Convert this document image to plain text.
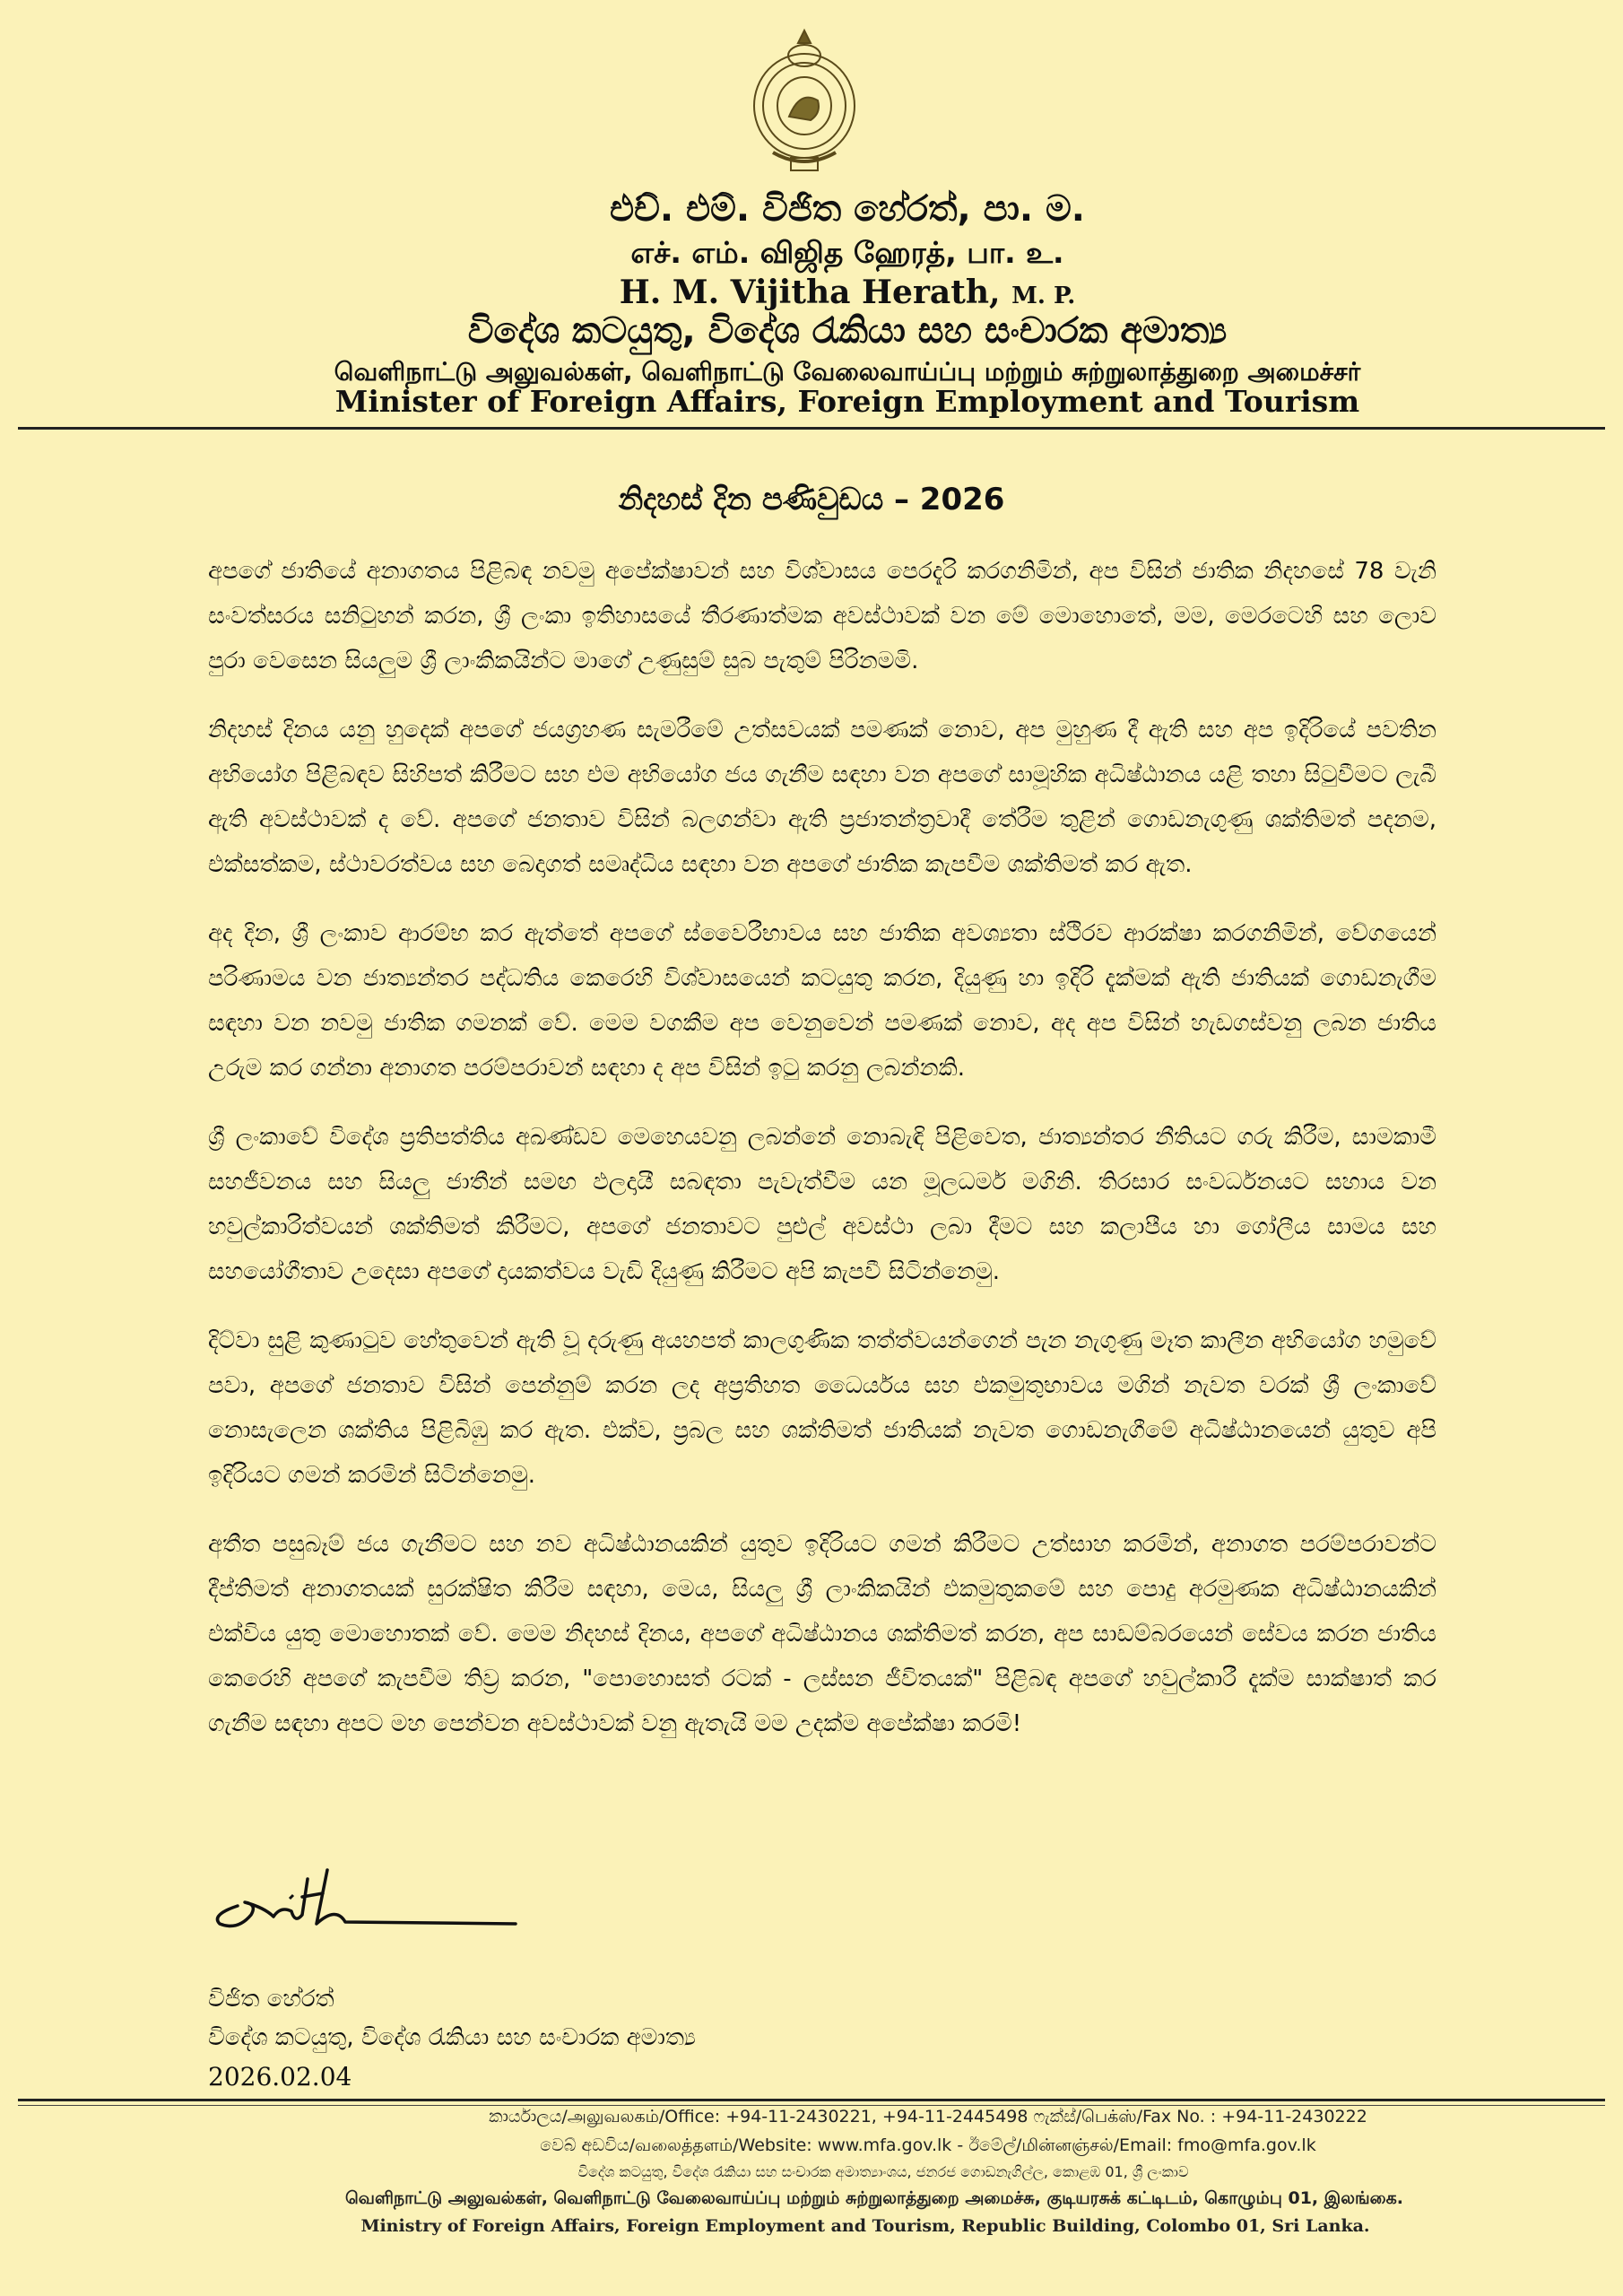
එච්. එම්. විජිත හේරත්, පා. ම.
எச். எம். விஜித ஹேரத், பா. உ.
H. M. Vijitha Herath, M. P.
විදේශ කටයුතු, විදේශ රැකියා සහ සංචාරක අමාත්‍ය
வெளிநாட்டு அலுவல்கள், வெளிநாட்டு வேலைவாய்ப்பு மற்றும் சுற்றுலாத்துறை அமைச்சர்
Minister of Foreign Affairs, Foreign Employment and Tourism
නිදහස් දින පණිවුඩය – 2026

අපගේ ජාතියේ අනාගතය පිළිබඳ නවමු අපේක්ෂාවන් සහ විශ්වාසය පෙරදැරි කරගනිමින්, අප විසින් ජාතික නිදහසේ 78 වැනි සංවත්සරය සනිටුහන් කරන, ශ්‍රී ලංකා ඉතිහාසයේ තීරණාත්මක අවස්ථාවක් වන මේ මොහොතේ, මම, මෙරටෙහි සහ ලොව පුරා වෙසෙන සියලුම ශ්‍රී ලාංකිකයින්ට මාගේ උණුසුම් සුබ පැතුම් පිරිනමමි.

නිදහස් දිනය යනු හුදෙක් අපගේ ජයග්‍රහණ සැමරීමේ උත්සවයක් පමණක් නොව, අප මුහුණ දී ඇති සහ අප ඉදිරියේ පවතින අභියෝග පිළිබඳව සිහිපත් කිරීමට සහ එම අභියෝග ජය ගැනීම සඳහා වන අපගේ සාමූහික අධිෂ්ඨානය යළි තහා සිටුවීමට ලැබී ඇති අවස්ථාවක් ද වේ. අපගේ ජනතාව විසින් බලගන්වා ඇති ප්‍රජාතන්ත්‍රවාදී තේරීම තුළින් ගොඩනැගුණු ශක්තිමත් පදනම, එක්සත්කම, ස්ථාවරත්වය සහ බෙදාගත් සමෘද්ධිය සඳහා වන අපගේ ජාතික කැපවීම ශක්තිමත් කර ඇත.

අද දින, ශ්‍රී ලංකාව ආරම්භ කර ඇත්තේ අපගේ ස්වෛරීභාවය සහ ජාතික අවශ්‍යතා ස්ථිරව ආරක්ෂා කරගනිමින්, වේගයෙන් පරිණාමය වන ජාත්‍යන්තර පද්ධතිය කෙරෙහි විශ්වාසයෙන් කටයුතු කරන, දියුණු හා ඉදිරි දැක්මක් ඇති ජාතියක් ගොඩනැගීම සඳහා වන නවමු ජාතික ගමනක් වේ. මෙම වගකීම අප වෙනුවෙන් පමණක් නොව, අද අප විසින් හැඩගස්වනු ලබන ජාතිය උරුම කර ගන්නා අනාගත පරම්පරාවන් සඳහා ද අප විසින් ඉටු කරනු ලබන්නකි.

ශ්‍රී ලංකාවේ විදේශ ප්‍රතිපත්තිය අඛණ්ඩව මෙහෙයවනු ලබන්නේ නොබැඳි පිළිවෙත, ජාත්‍යන්තර නීතියට ගරු කිරීම, සාමකාමී සහජීවනය සහ සියලු ජාතීන් සමඟ ඵලදායී සබඳතා පැවැත්වීම යන මූලධර්ම මගිනි. තිරසාර සංවර්ධනයට සහාය වන හවුල්කාරිත්වයන් ශක්තිමත් කිරීමට, අපගේ ජනතාවට පුළුල් අවස්ථා ලබා දීමට සහ කලාපීය හා ගෝලීය සාමය සහ සහයෝගීතාව උදෙසා අපගේ දායකත්වය වැඩි දියුණු කිරීමට අපි කැපවී සිටින්නෙමු.

දිට්වා සුළි කුණාටුව හේතුවෙන් ඇති වූ දරුණු අයහපත් කාලගුණික තත්ත්වයන්ගෙන් පැන නැගුණු මෑත කාලීන අභියෝග හමුවේ පවා, අපගේ ජනතාව විසින් පෙන්නුම් කරන ලද අප්‍රතිහත ධෛර්යය සහ එකමුතුභාවය මගින් නැවත වරක් ශ්‍රී ලංකාවේ නොසැලෙන ශක්තිය පිළිබිඹු කර ඇත. එක්ව, ප්‍රබල සහ ශක්තිමත් ජාතියක් නැවත ගොඩනැගීමේ අධිෂ්ඨානයෙන් යුතුව අපි ඉදිරියට ගමන් කරමින් සිටින්නෙමු.

අතීත පසුබෑම් ජය ගැනීමට සහ නව අධිෂ්ඨානයකින් යුතුව ඉදිරියට ගමන් කිරීමට උත්සාහ කරමින්, අනාගත පරම්පරාවන්ට දීප්තිමත් අනාගතයක් සුරක්ෂිත කිරීම සඳහා, මෙය, සියලු ශ්‍රී ලාංකිකයින් එකමුතුකමේ සහ පොදු අරමුණක අධිෂ්ඨානයකින් එක්විය යුතු මොහොතක් වේ. මෙම නිදහස් දිනය, අපගේ අධිෂ්ඨානය ශක්තිමත් කරන, අප සාඩම්බරයෙන් සේවය කරන ජාතිය කෙරෙහි අපගේ කැපවීම තිව්‍ර කරන, "පොහොසත් රටක් - ලස්සන ජීවිතයක්" පිළිබඳ අපගේ හවුල්කාරී දැක්ම සාක්ෂාත් කර ගැනීම සඳහා අපට මහ පෙන්වන අවස්ථාවක් වනු ඇතැයි මම උදක්ම අපේක්ෂා කරමි!

විජිත හේරත්
විදේශ කටයුතු, විදේශ රැකියා සහ සංචාරක අමාත්‍ය
2026.02.04
කාර්යාලය/அலுவலகம்/Office: +94-11-2430221, +94-11-2445498 ෆැක්ස්/பெக்ஸ்/Fax No. : +94-11-2430222
වෙබ් අඩවිය/வலைத்தளம்/Website: www.mfa.gov.lk - ඊමේල්/மின்னஞ்சல்/Email: fmo@mfa.gov.lk
විදේශ කටයුතු, විදේශ රැකියා සහ සංචාරක අමාත්‍යාංශය, ජනරජ ගොඩනැගිල්ල, කොළඹ 01, ශ්‍රී ලංකාව
வெளிநாட்டு அலுவல்கள், வெளிநாட்டு வேலைவாய்ப்பு மற்றும் சுற்றுலாத்துறை அமைச்சு, குடியரசுக் கட்டிடம், கொழும்பு 01, இலங்கை.
Ministry of Foreign Affairs, Foreign Employment and Tourism, Republic Building, Colombo 01, Sri Lanka.
